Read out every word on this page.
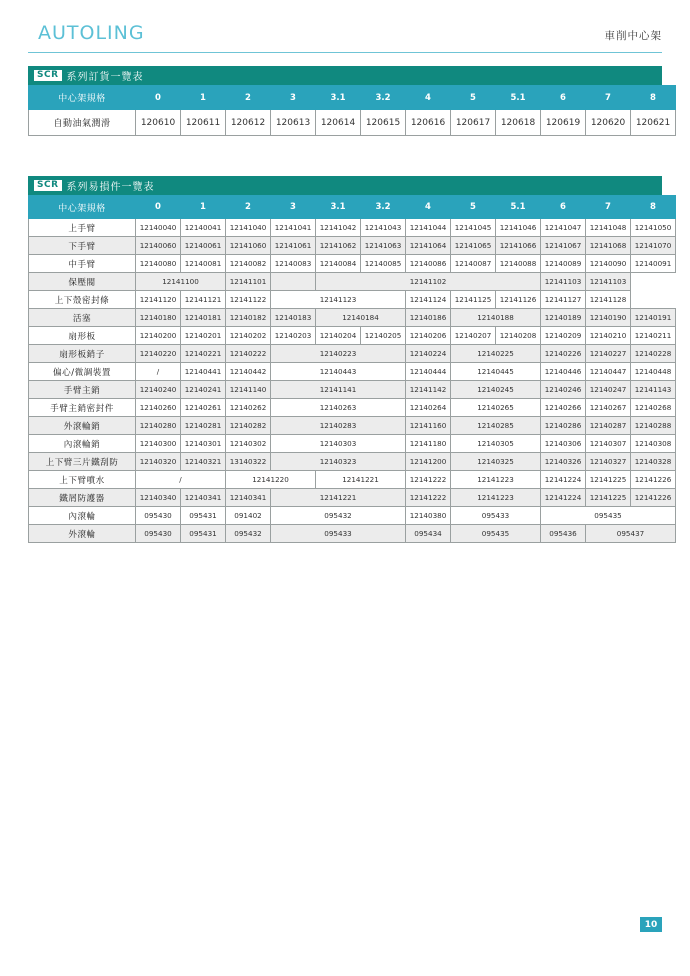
AUTOLING	車削中心架
SCR 系列訂貨一覽表
中心架規格	0	1	2	3	3.1	3.2	4	5	5.1	6	7	8
自動油氣潤滑	120610	120611	120612	120613	120614	120615	120616	120617	120618	120619	120620	120621
SCR 系列易損件一覽表
中心架規格	0	1	2	3	3.1	3.2	4	5	5.1	6	7	8
上手臂	12140040	12140041	12141040	12141041	12141042	12141043	12141044	12141045	12141046	12141047	12141048	12141050
下手臂	12140060	12140061	12141060	12141061	12141062	12141063	12141064	12141065	12141066	12141067	12141068	12141070
中手臂	12140080	12140081	12140082	12140083	12140084	12140085	12140086	12140087	12140088	12140089	12140090	12140091
保壓閥	12141100		12141101		12141102					12141103	12141103	
上下殼密封條	12141120	12141121	12141122	12141123			12141124	12141125	12141126	12141127	12141128	
活塞	12140180	12140181	12140182	12140183	12140184		12140186	12140188		12140189	12140190	12140191
扇形板	12140200	12140201	12140202	12140203	12140204	12140205	12140206	12140207	12140208	12140209	12140210	12140211
扇形板銷子	12140220	12140221	12140222	12140223			12140224	12140225		12140226	12140227	12140228
偏心/微調裝置	/	12140441	12140442	12140443			12140444	12140445		12140446	12140447	12140448
手臂主銷	12140240	12140241	12141140	12141141			12141142	12140245		12140246	12140247	12141143
手臂主銷密封件	12140260	12140261	12140262	12140263			12140264	12140265		12140266	12140267	12140268
外滾輪銷	12140280	12140281	12140282	12140283			12141160	12140285		12140286	12140287	12140288
內滾輪銷	12140300	12140301	12140302	12140303			12141180	12140305		12140306	12140307	12140308
上下臂三片鐵刮防	12140320	12140321	13140322	12140323			12141200	12140325		12140326	12140327	12140328
上下臂噴水	/		12141220		12141221		12141222	12141223		12141224	12141225	12141226
鐵屑防護器	12140340	12140341	12140341	12141221			12141222	12141223		12141224	12141225	12141226
內滾輪	095430	095431	091402	095432			12140380	095433		095435		
外滾輪	095430	095431	095432	095433			095434	095435		095436	095437	
10
